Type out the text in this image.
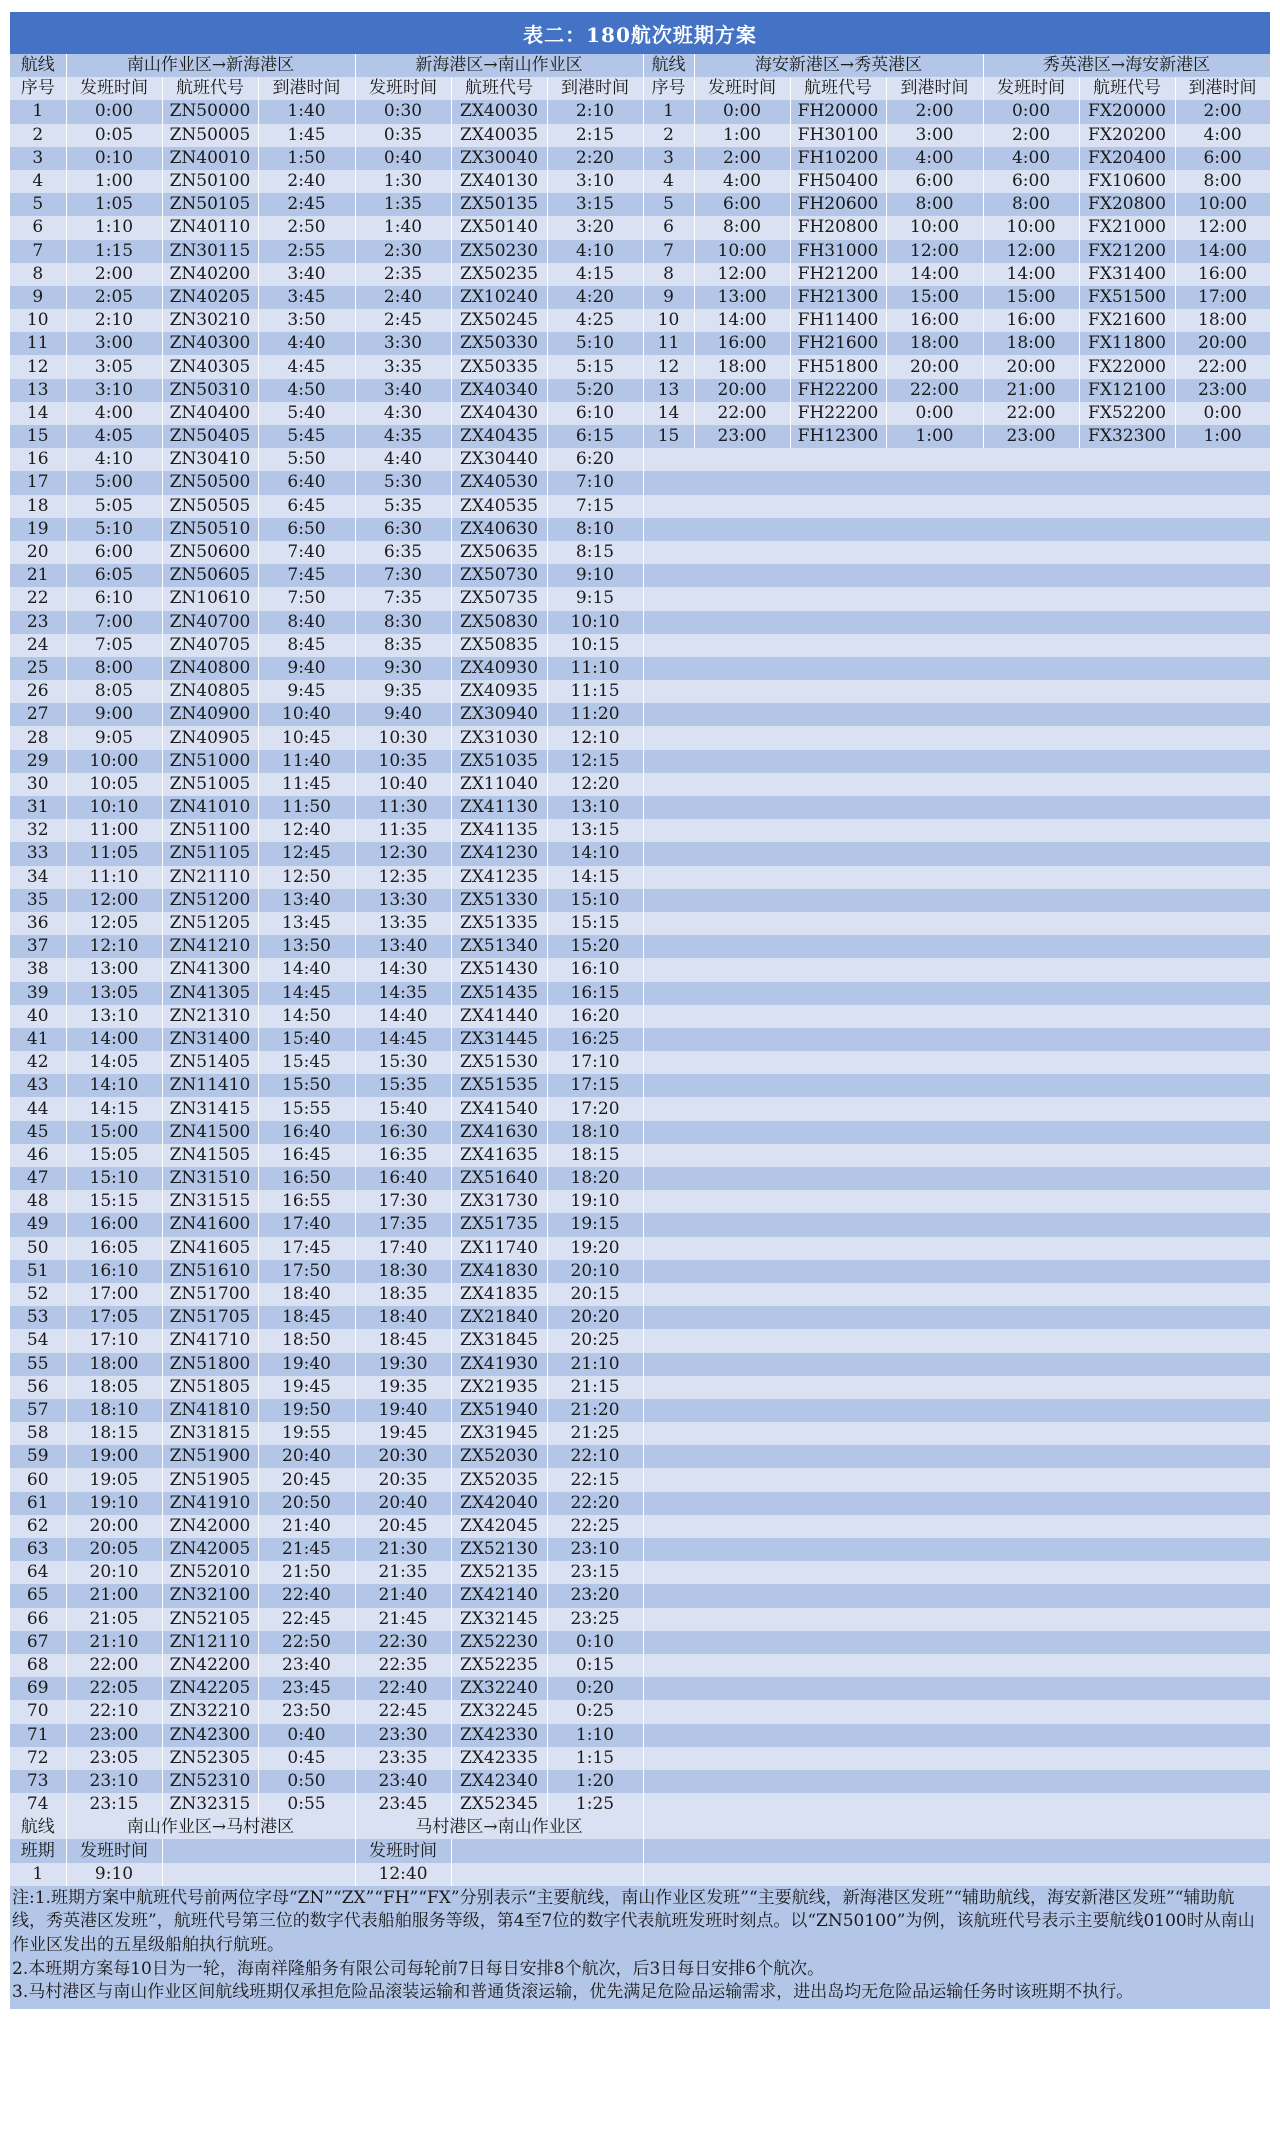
表二：180航次班期方案
航线	南山作业区→新海港区			新海港区→南山作业区			航线	海安新港区→秀英港区			秀英港区→海安新港区		
序号	发班时间	航班代号	到港时间	发班时间	航班代号	到港时间	序号	发班时间	航班代号	到港时间	发班时间	航班代号	到港时间
1	0:00	ZN50000	1:40	0:30	ZX40030	2:10	1	0:00	FH20000	2:00	0:00	FX20000	2:00
2	0:05	ZN50005	1:45	0:35	ZX40035	2:15	2	1:00	FH30100	3:00	2:00	FX20200	4:00
3	0:10	ZN40010	1:50	0:40	ZX30040	2:20	3	2:00	FH10200	4:00	4:00	FX20400	6:00
4	1:00	ZN50100	2:40	1:30	ZX40130	3:10	4	4:00	FH50400	6:00	6:00	FX10600	8:00
5	1:05	ZN50105	2:45	1:35	ZX50135	3:15	5	6:00	FH20600	8:00	8:00	FX20800	10:00
6	1:10	ZN40110	2:50	1:40	ZX50140	3:20	6	8:00	FH20800	10:00	10:00	FX21000	12:00
7	1:15	ZN30115	2:55	2:30	ZX50230	4:10	7	10:00	FH31000	12:00	12:00	FX21200	14:00
8	2:00	ZN40200	3:40	2:35	ZX50235	4:15	8	12:00	FH21200	14:00	14:00	FX31400	16:00
9	2:05	ZN40205	3:45	2:40	ZX10240	4:20	9	13:00	FH21300	15:00	15:00	FX51500	17:00
10	2:10	ZN30210	3:50	2:45	ZX50245	4:25	10	14:00	FH11400	16:00	16:00	FX21600	18:00
11	3:00	ZN40300	4:40	3:30	ZX50330	5:10	11	16:00	FH21600	18:00	18:00	FX11800	20:00
12	3:05	ZN40305	4:45	3:35	ZX50335	5:15	12	18:00	FH51800	20:00	20:00	FX22000	22:00
13	3:10	ZN50310	4:50	3:40	ZX40340	5:20	13	20:00	FH22200	22:00	21:00	FX12100	23:00
14	4:00	ZN40400	5:40	4:30	ZX40430	6:10	14	22:00	FH22200	0:00	22:00	FX52200	0:00
15	4:05	ZN50405	5:45	4:35	ZX40435	6:15	15	23:00	FH12300	1:00	23:00	FX32300	1:00
16	4:10	ZN30410	5:50	4:40	ZX30440	6:20							
17	5:00	ZN50500	6:40	5:30	ZX40530	7:10							
18	5:05	ZN50505	6:45	5:35	ZX40535	7:15							
19	5:10	ZN50510	6:50	6:30	ZX40630	8:10							
20	6:00	ZN50600	7:40	6:35	ZX50635	8:15							
21	6:05	ZN50605	7:45	7:30	ZX50730	9:10							
22	6:10	ZN10610	7:50	7:35	ZX50735	9:15							
23	7:00	ZN40700	8:40	8:30	ZX50830	10:10							
24	7:05	ZN40705	8:45	8:35	ZX50835	10:15							
25	8:00	ZN40800	9:40	9:30	ZX40930	11:10							
26	8:05	ZN40805	9:45	9:35	ZX40935	11:15							
27	9:00	ZN40900	10:40	9:40	ZX30940	11:20							
28	9:05	ZN40905	10:45	10:30	ZX31030	12:10							
29	10:00	ZN51000	11:40	10:35	ZX51035	12:15							
30	10:05	ZN51005	11:45	10:40	ZX11040	12:20							
31	10:10	ZN41010	11:50	11:30	ZX41130	13:10							
32	11:00	ZN51100	12:40	11:35	ZX41135	13:15							
33	11:05	ZN51105	12:45	12:30	ZX41230	14:10							
34	11:10	ZN21110	12:50	12:35	ZX41235	14:15							
35	12:00	ZN51200	13:40	13:30	ZX51330	15:10							
36	12:05	ZN51205	13:45	13:35	ZX51335	15:15							
37	12:10	ZN41210	13:50	13:40	ZX51340	15:20							
38	13:00	ZN41300	14:40	14:30	ZX51430	16:10							
39	13:05	ZN41305	14:45	14:35	ZX51435	16:15							
40	13:10	ZN21310	14:50	14:40	ZX41440	16:20							
41	14:00	ZN31400	15:40	14:45	ZX31445	16:25							
42	14:05	ZN51405	15:45	15:30	ZX51530	17:10							
43	14:10	ZN11410	15:50	15:35	ZX51535	17:15							
44	14:15	ZN31415	15:55	15:40	ZX41540	17:20							
45	15:00	ZN41500	16:40	16:30	ZX41630	18:10							
46	15:05	ZN41505	16:45	16:35	ZX41635	18:15							
47	15:10	ZN31510	16:50	16:40	ZX51640	18:20							
48	15:15	ZN31515	16:55	17:30	ZX31730	19:10							
49	16:00	ZN41600	17:40	17:35	ZX51735	19:15							
50	16:05	ZN41605	17:45	17:40	ZX11740	19:20							
51	16:10	ZN51610	17:50	18:30	ZX41830	20:10							
52	17:00	ZN51700	18:40	18:35	ZX41835	20:15							
53	17:05	ZN51705	18:45	18:40	ZX21840	20:20							
54	17:10	ZN41710	18:50	18:45	ZX31845	20:25							
55	18:00	ZN51800	19:40	19:30	ZX41930	21:10							
56	18:05	ZN51805	19:45	19:35	ZX21935	21:15							
57	18:10	ZN41810	19:50	19:40	ZX51940	21:20							
58	18:15	ZN31815	19:55	19:45	ZX31945	21:25							
59	19:00	ZN51900	20:40	20:30	ZX52030	22:10							
60	19:05	ZN51905	20:45	20:35	ZX52035	22:15							
61	19:10	ZN41910	20:50	20:40	ZX42040	22:20							
62	20:00	ZN42000	21:40	20:45	ZX42045	22:25							
63	20:05	ZN42005	21:45	21:30	ZX52130	23:10							
64	20:10	ZN52010	21:50	21:35	ZX52135	23:15							
65	21:00	ZN32100	22:40	21:40	ZX42140	23:20							
66	21:05	ZN52105	22:45	21:45	ZX32145	23:25							
67	21:10	ZN12110	22:50	22:30	ZX52230	0:10							
68	22:00	ZN42200	23:40	22:35	ZX52235	0:15							
69	22:05	ZN42205	23:45	22:40	ZX32240	0:20							
70	22:10	ZN32210	23:50	22:45	ZX32245	0:25							
71	23:00	ZN42300	0:40	23:30	ZX42330	1:10							
72	23:05	ZN52305	0:45	23:35	ZX42335	1:15							
73	23:10	ZN52310	0:50	23:40	ZX42340	1:20							
74	23:15	ZN32315	0:55	23:45	ZX52345	1:25							
航线	南山作业区→马村港区			马村港区→南山作业区									
班期	发班时间			发班时间									
1	9:10			12:40									
注:1.班期方案中航班代号前两位字母“ZN”“ZX”“FH”“FX”分别表示“主要航线，南山作业区发班”“主要航线，新海港区发班”“辅助航线，海安新港区发班”“辅助航线，秀英港区发班”，航班代号第三位的数字代表船舶服务等级，第4至7位的数字代表航班发班时刻点。以“ZN50100”为例，该航班代号表示主要航线0100时从南山作业区发出的五星级船舶执行航班。
2.本班期方案每10日为一轮，海南祥隆船务有限公司每轮前7日每日安排8个航次，后3日每日安排6个航次。
3.马村港区与南山作业区间航线班期仅承担危险品滚装运输和普通货滚运输，优先满足危险品运输需求，进出岛均无危险品运输任务时该班期不执行。
